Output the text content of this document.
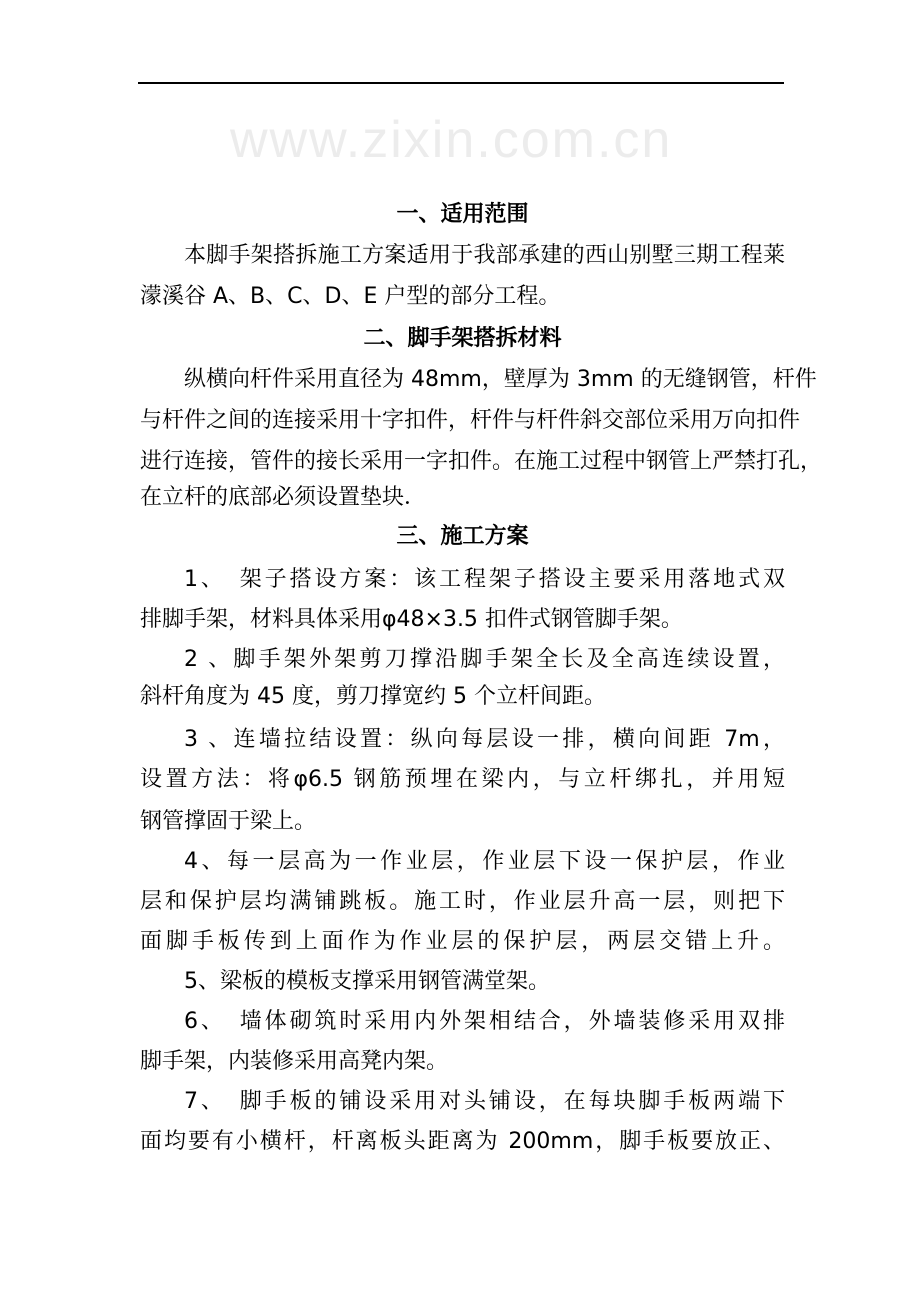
www.zixin.com.cn
一、适用范围
本脚手架搭拆施工方案适用于我部承建的西山别墅三期工程莱
濛溪谷 A、B、C、D、E 户型的部分工程。
二、脚手架搭拆材料
纵横向杆件采用直径为 48mm，壁厚为 3mm 的无缝钢管，杆件
与杆件之间的连接采用十字扣件，杆件与杆件斜交部位采用万向扣件
进行连接，管件的接长采用一字扣件。在施工过程中钢管上严禁打孔，
在立杆的底部必须设置垫块．
三、施工方案
1、　架子搭设方案：该工程架子搭设主要采用落地式双
排脚手架，材料具体采用φ48×3.5 扣件式钢管脚手架。
2 、脚手架外架剪刀撑沿脚手架全长及全高连续设置，
斜杆角度为 45 度，剪刀撑宽约 5 个立杆间距。
3 、连墙拉结设置：纵向每层设一排，横向间距 7m，
设置方法：将φ6.5 钢筋预埋在梁内，与立杆绑扎，并用短
钢管撑固于梁上。
4、每一层高为一作业层，作业层下设一保护层，作业
层和保护层均满铺跳板。施工时，作业层升高一层，则把下
面脚手板传到上面作为作业层的保护层，两层交错上升。
5、梁板的模板支撑采用钢管满堂架。
6、　墙体砌筑时采用内外架相结合，外墙装修采用双排
脚手架，内装修采用高凳内架。
7、　脚手板的铺设采用对头铺设，在每块脚手板两端下
面均要有小横杆，杆离板头距离为 200mm，脚手板要放正、
